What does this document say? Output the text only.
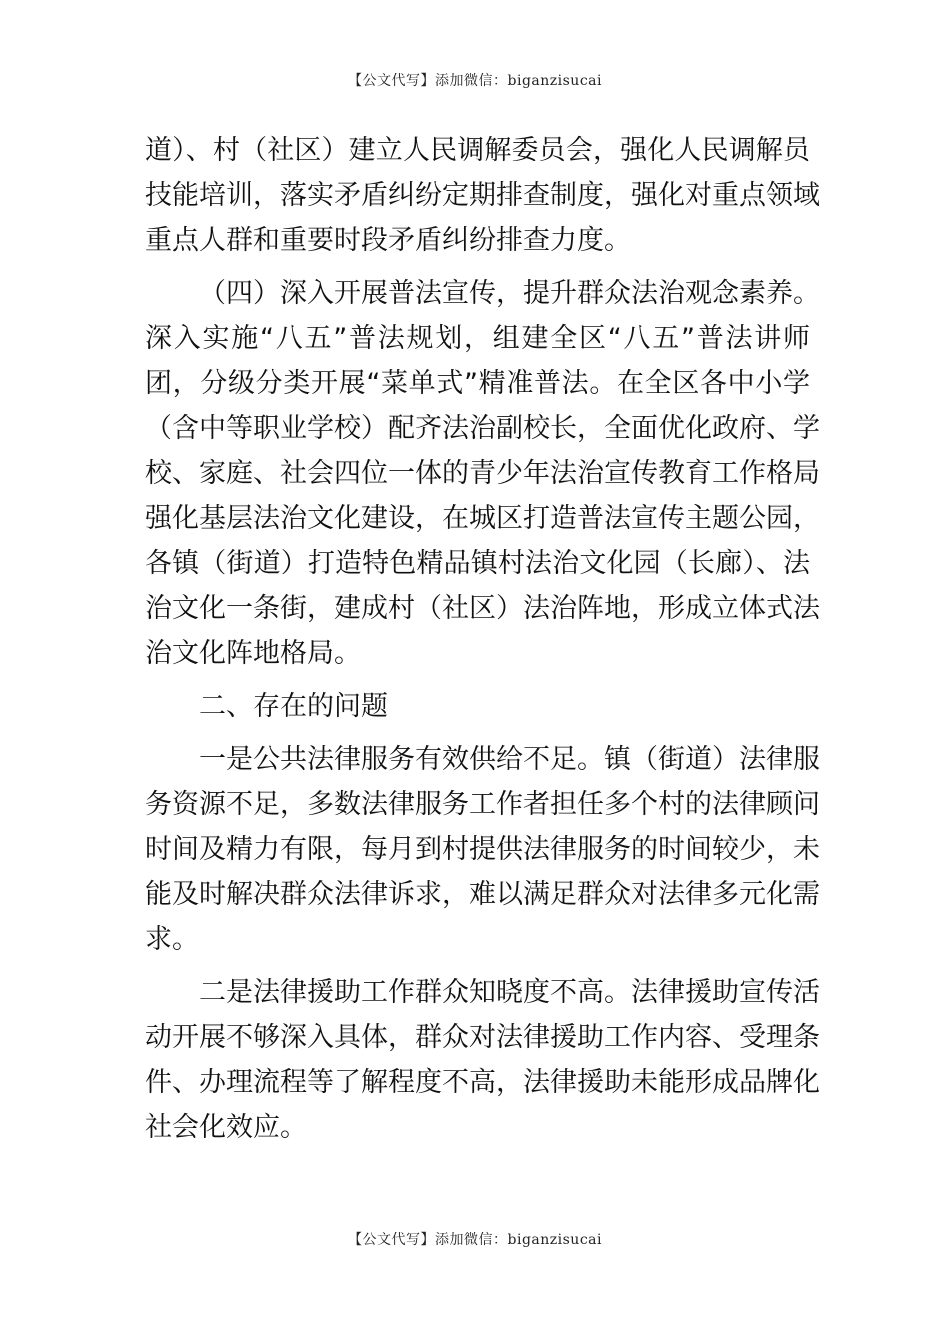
【公文代写】添加微信：biganzisucai
道）、村（社区）建立人民调解委员会，强化人民调解员
技能培训，落实矛盾纠纷定期排查制度，强化对重点领域
重点人群和重要时段矛盾纠纷排查力度。
（四）深入开展普法宣传，提升群众法治观念素养。
深入实施“八五”普法规划，组建全区“八五”普法讲师
团，分级分类开展“菜单式”精准普法。在全区各中小学
（含中等职业学校）配齐法治副校长，全面优化政府、学
校、家庭、社会四位一体的青少年法治宣传教育工作格局
强化基层法治文化建设，在城区打造普法宣传主题公园，
各镇（街道）打造特色精品镇村法治文化园（长廊）、法
治文化一条街，建成村（社区）法治阵地，形成立体式法
治文化阵地格局。
二、存在的问题
一是公共法律服务有效供给不足。镇（街道）法律服
务资源不足，多数法律服务工作者担任多个村的法律顾问
时间及精力有限，每月到村提供法律服务的时间较少，未
能及时解决群众法律诉求，难以满足群众对法律多元化需
求。
二是法律援助工作群众知晓度不高。法律援助宣传活
动开展不够深入具体，群众对法律援助工作内容、受理条
件、办理流程等了解程度不高，法律援助未能形成品牌化
社会化效应。
【公文代写】添加微信：biganzisucai
